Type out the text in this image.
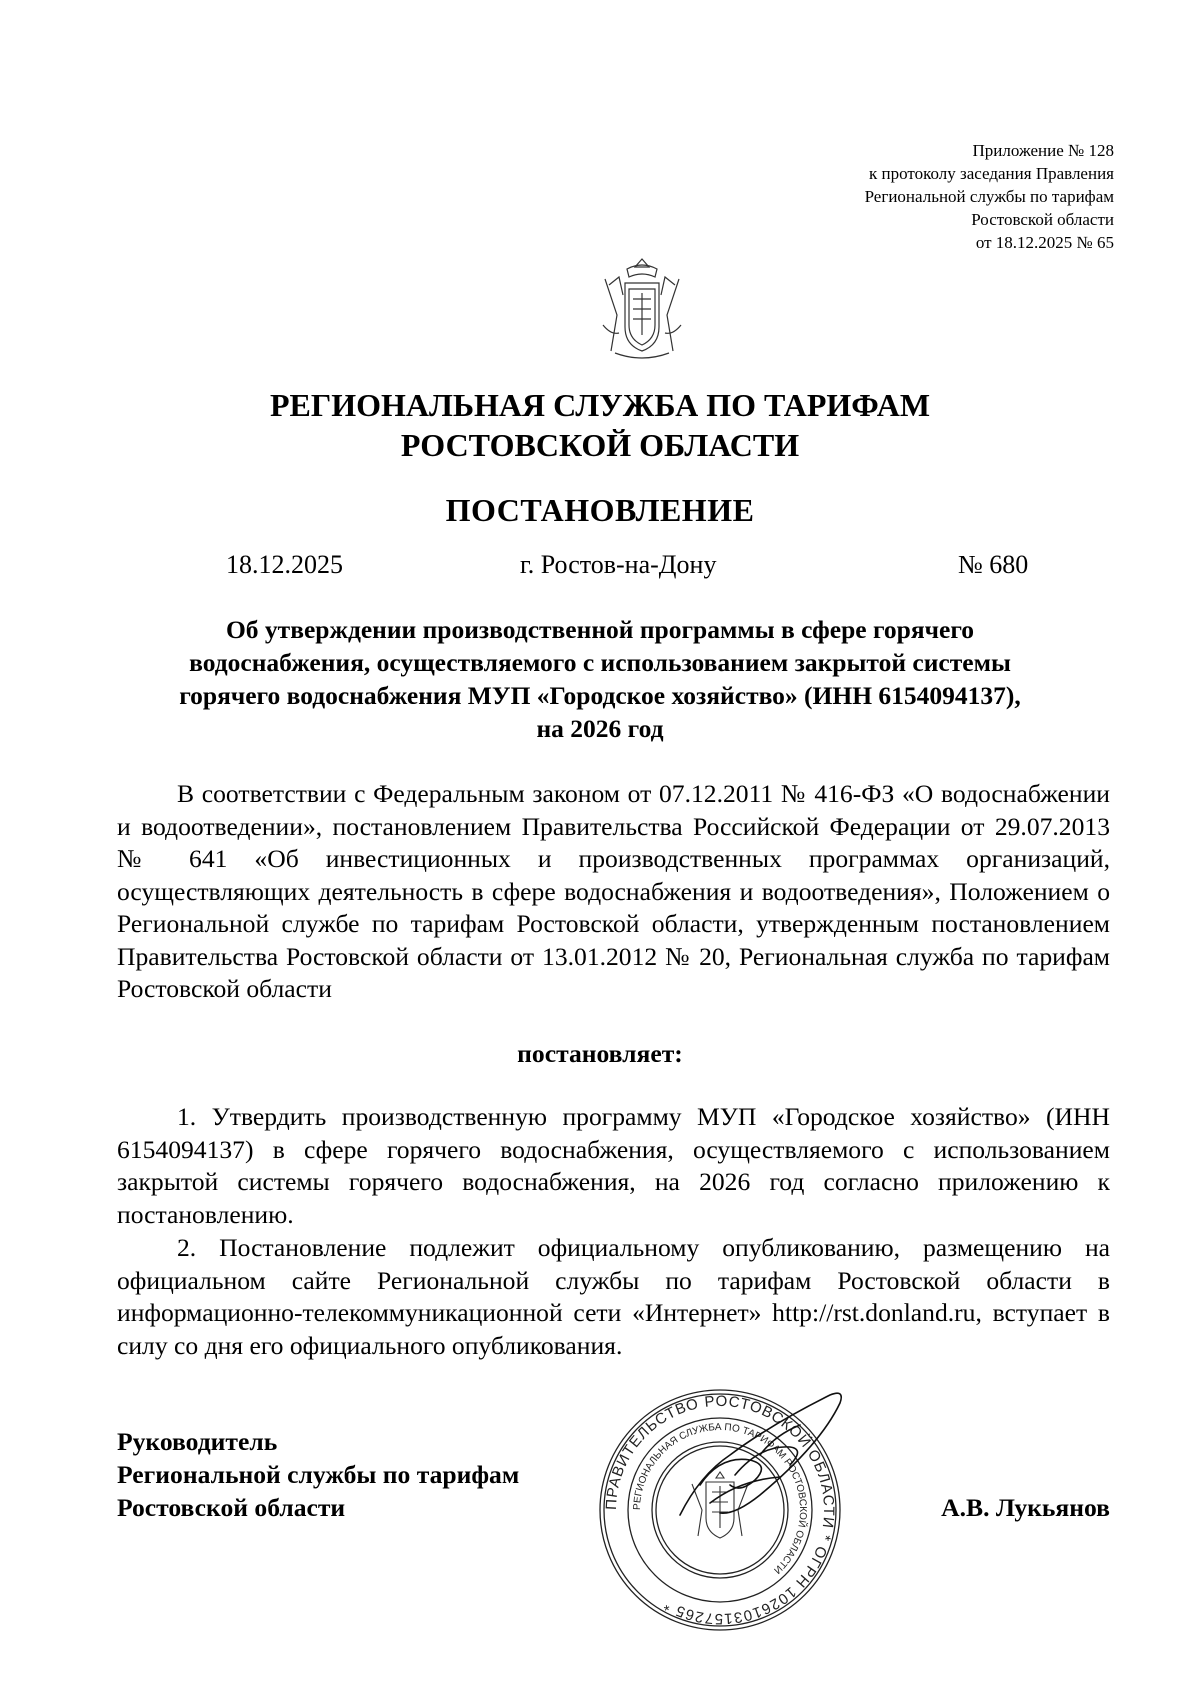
Приложение № 128
к протоколу заседания Правления
Региональной службы по тарифам
Ростовской области
от 18.12.2025 № 65
РЕГИОНАЛЬНАЯ СЛУЖБА ПО ТАРИФАМ
РОСТОВСКОЙ ОБЛАСТИ
ПОСТАНОВЛЕНИЕ
18.12.2025	г. Ростов-на-Дону	№ 680
Об утверждении производственной программы в сфере горячего
водоснабжения, осуществляемого с использованием закрытой системы
горячего водоснабжения МУП «Городское хозяйство» (ИНН 6154094137),
на 2026 год

В соответствии с Федеральным законом от 07.12.2011 № 416-ФЗ «О водоснабжении и водоотведении», постановлением Правительства Российской Федерации от 29.07.2013 № 641 «Об инвестиционных и производственных программах организаций, осуществляющих деятельность в сфере водоснабжения и водоотведения», Положением о Региональной службе по тарифам Ростовской области, утвержденным постановлением Правительства Ростовской области от 13.01.2012 № 20, Региональная служба по тарифам Ростовской области

постановляет:

1. Утвердить производственную программу МУП «Городское хозяйство» (ИНН 6154094137) в сфере горячего водоснабжения, осуществляемого с использованием закрытой системы горячего водоснабжения, на 2026 год согласно приложению к постановлению.

2. Постановление подлежит официальному опубликованию, размещению на официальном сайте Региональной службы по тарифам Ростовской области в информационно-телекоммуникационной сети «Интернет» http://rst.donland.ru, вступает в силу со дня его официального опубликования.

Руководитель
Региональной службы по тарифам
Ростовской области	ПРАВИТЕЛЬСТВО РОСТОВСКОЙ ОБЛАСТИ * ОГРН 1026103157265 *
РЕГИОНАЛЬНАЯ СЛУЖБА ПО ТАРИФАМ РОСТОВСКОЙ ОБЛАСТИ
А.В. Лукьянов
